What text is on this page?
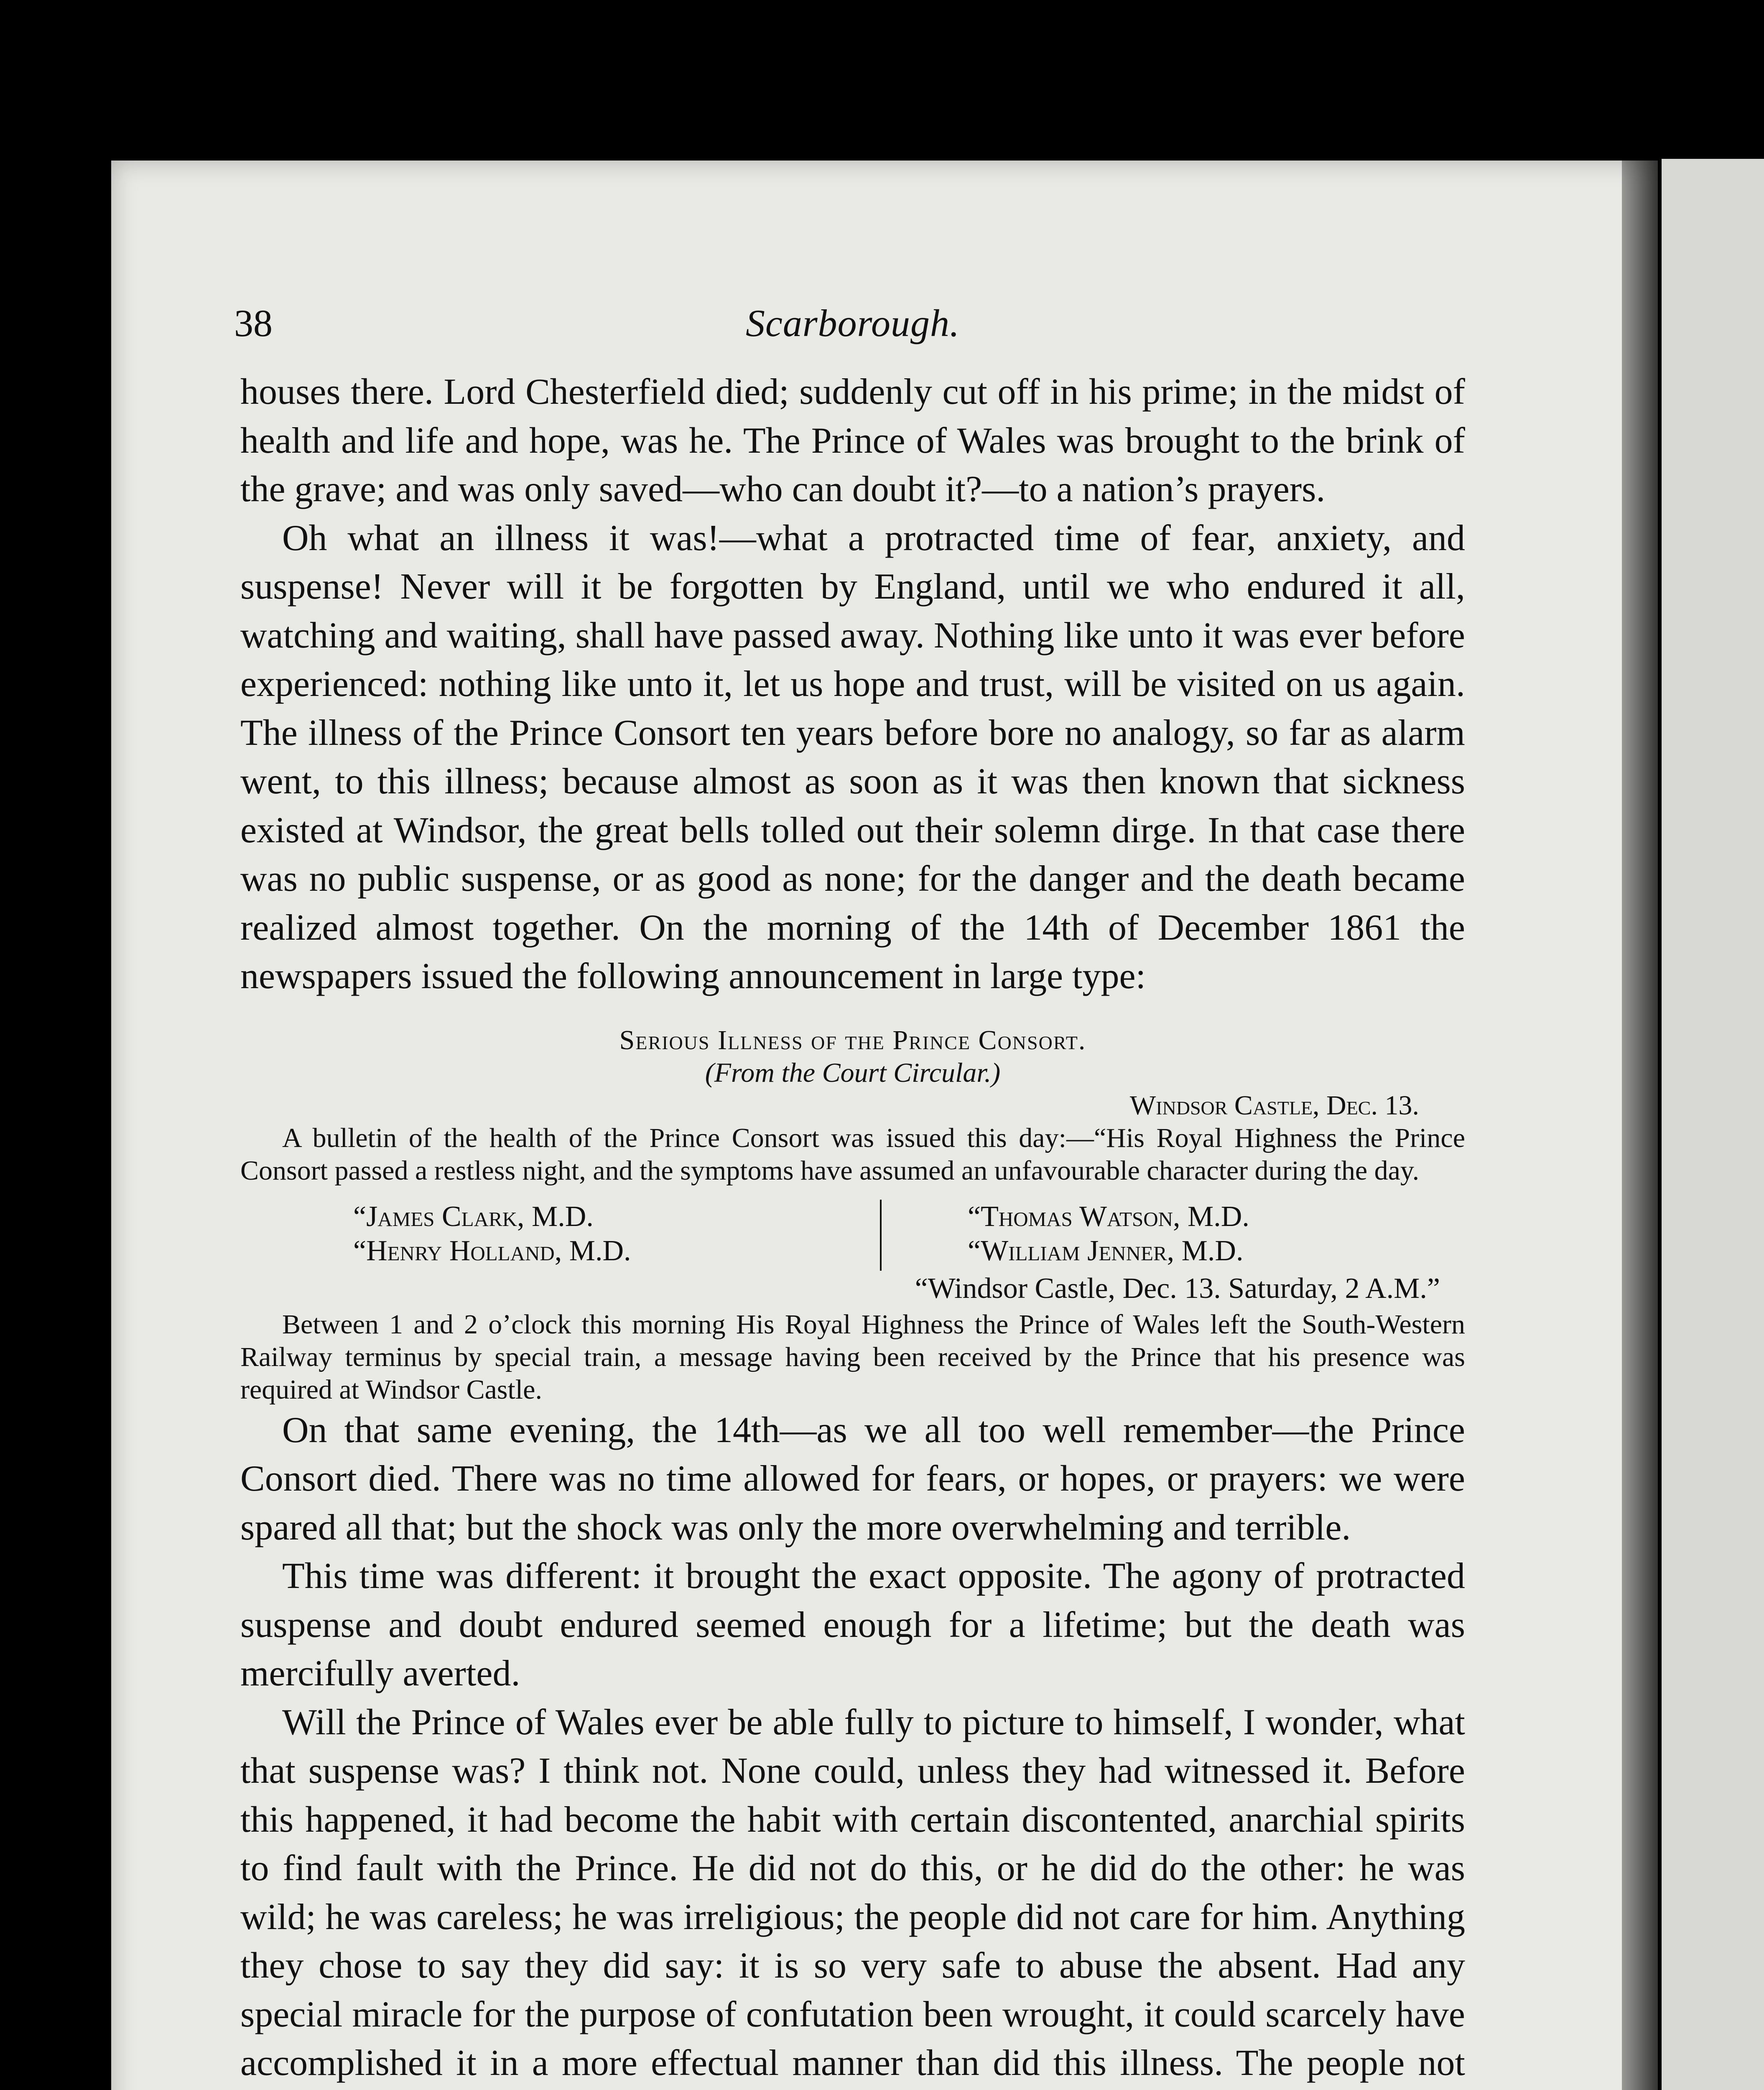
38	Scarborough.

houses there. Lord Chesterfield died; suddenly cut off in his prime; in the midst of health and life and hope, was he. The Prince of Wales was brought to the brink of the grave; and was only saved—who can doubt it?—to a nation’s prayers.

Oh what an illness it was!—what a protracted time of fear, anxiety, and suspense! Never will it be forgotten by England, until we who endured it all, watching and waiting, shall have passed away. Nothing like unto it was ever before experienced: nothing like unto it, let us hope and trust, will be visited on us again. The illness of the Prince Consort ten years before bore no analogy, so far as alarm went, to this illness; because almost as soon as it was then known that sickness existed at Windsor, the great bells tolled out their solemn dirge. In that case there was no public suspense, or as good as none; for the danger and the death became realized almost together. On the morning of the 14th of December 1861 the newspapers issued the following announcement in large type:

Serious Illness of the Prince Consort.
(From the Court Circular.)
Windsor Castle, Dec. 13.
A bulletin of the health of the Prince Consort was issued this day:—“His Royal Highness the Prince Consort passed a restless night, and the symptoms have assumed an unfavourable character during the day.
“James Clark, M.D.
“Henry Holland, M.D.
“Thomas Watson, M.D.
“William Jenner, M.D.
“Windsor Castle, Dec. 13. Saturday, 2 A.M.”
Between 1 and 2 o’clock this morning His Royal Highness the Prince of Wales left the South-Western Railway terminus by special train, a message having been received by the Prince that his presence was required at Windsor Castle.

On that same evening, the 14th—as we all too well remember—the Prince Consort died. There was no time allowed for fears, or hopes, or prayers: we were spared all that; but the shock was only the more overwhelming and terrible.

This time was different: it brought the exact opposite. The agony of protracted suspense and doubt endured seemed enough for a lifetime; but the death was mercifully averted.

Will the Prince of Wales ever be able fully to picture to himself, I wonder, what that suspense was? I think not. None could, unless they had witnessed it. Before this happened, it had become the habit with certain discontented, anarchial spirits to find fault with the Prince. He did not do this, or he did do the other: he was wild; he was careless; he was irreligious; the people did not care for him. Anything they chose to say they did say: it is so very safe to abuse the absent. Had any special miracle for the purpose of confutation been wrought, it could scarcely have accomplished it in a more effectual manner than did this illness. The people not
